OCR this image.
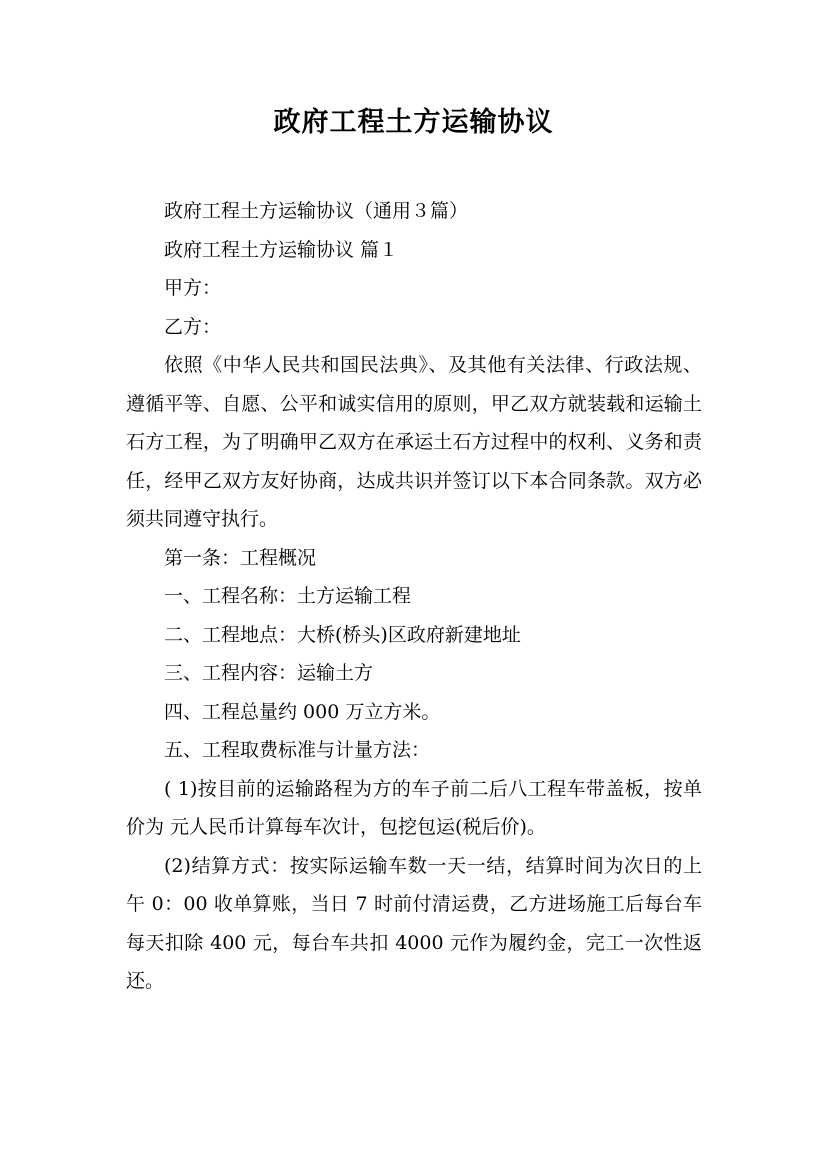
政府工程土方运输协议

政府工程土方运输协议（通用３篇）

政府工程土方运输协议 篇１

甲方：

乙方：

依照《中华人民共和国民法典》、及其他有关法律、行政法规、遵循平等、自愿、公平和诚实信用的原则，甲乙双方就装载和运输土石方工程，为了明确甲乙双方在承运土石方过程中的权利、义务和责任，经甲乙双方友好协商，达成共识并签订以下本合同条款。双方必须共同遵守执行。

第一条：工程概况

一、工程名称：土方运输工程

二、工程地点：大桥(桥头)区政府新建地址

三、工程内容：运输土方

四、工程总量约 000 万立方米。

五、工程取费标准与计量方法：

( 1)按目前的运输路程为方的车子前二后八工程车带盖板，按单价为 元人民币计算每车次计，包挖包运(税后价)。

(2)结算方式：按实际运输车数一天一结，结算时间为次日的上午 0：00 收单算账，当日 7 时前付清运费，乙方进场施工后每台车每天扣除 400 元，每台车共扣 4000 元作为履约金，完工一次性返还。
